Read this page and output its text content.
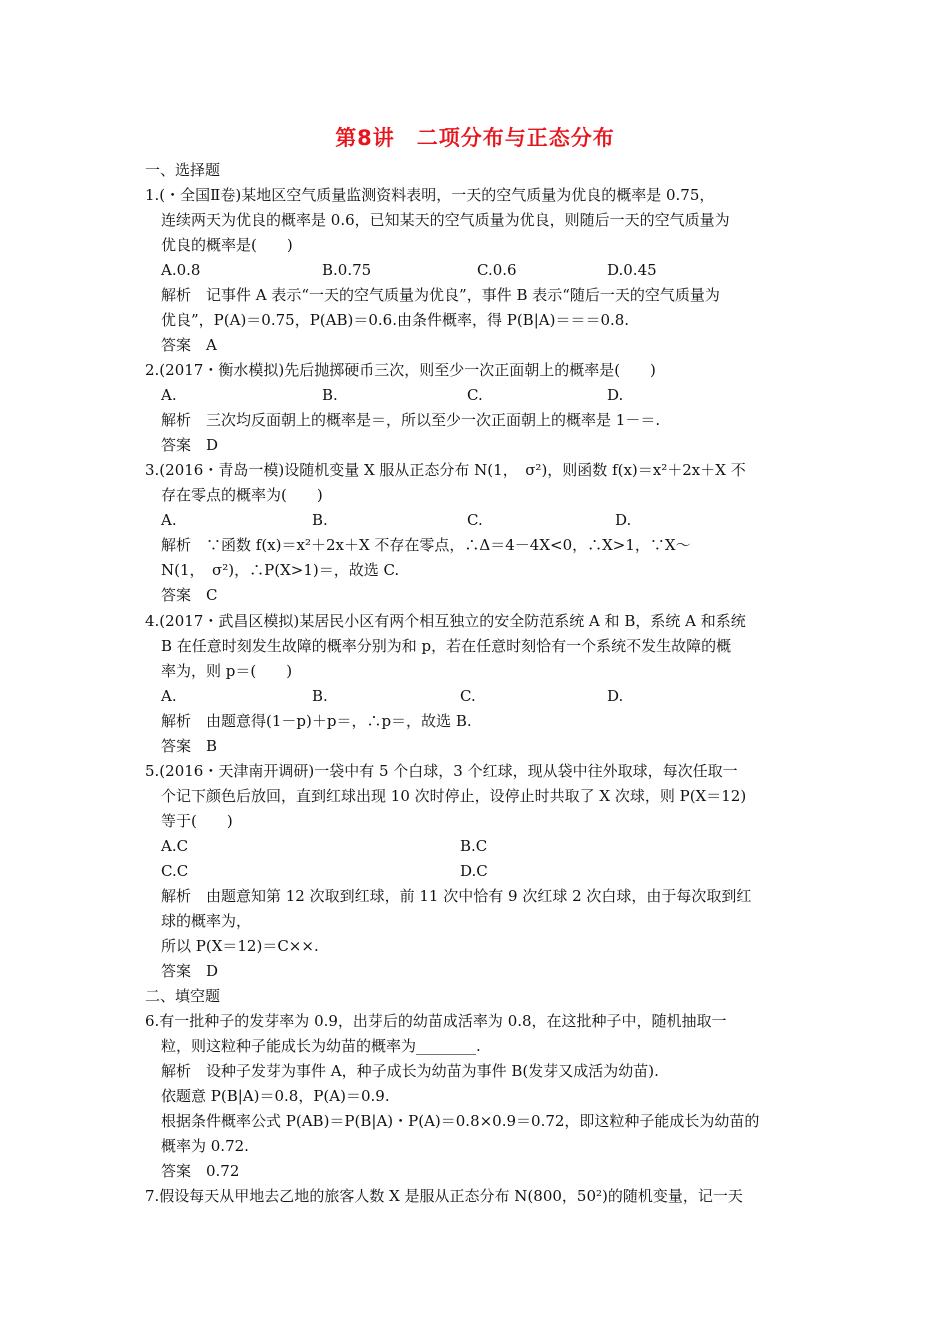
第8讲　二项分布与正态分布
一、选择题
1.(・全国Ⅱ卷)某地区空气质量监测资料表明，一天的空气质量为优良的概率是 0.75，
连续两天为优良的概率是 0.6，已知某天的空气质量为优良，则随后一天的空气质量为
优良的概率是(　　)
A.0.8	B.0.75	C.0.6	D.0.45
解析　记事件 A 表示“一天的空气质量为优良”，事件 B 表示“随后一天的空气质量为
优良”，P(A)＝0.75，P(AB)＝0.6.由条件概率，得 P(B|A)＝＝＝0.8.
答案　A
2.(2017・衡水模拟)先后抛掷硬币三次，则至少一次正面朝上的概率是(　　)
A.	B.	C.	D.
解析　三次均反面朝上的概率是＝，所以至少一次正面朝上的概率是 1－＝.
答案　D
3.(2016・青岛一模)设随机变量 X 服从正态分布 N(1，　σ²)，则函数 f(x)＝x²＋2x＋X 不
存在零点的概率为(　　)
A.	B.	C.	D.
解析　∵函数 f(x)＝x²＋2x＋X 不存在零点，∴Δ＝4－4X<0，∴X>1，∵X～
N(1，　σ²)，∴P(X>1)＝，故选 C.
答案　C
4.(2017・武昌区模拟)某居民小区有两个相互独立的安全防范系统 A 和 B，系统 A 和系统
B 在任意时刻发生故障的概率分别为和 p，若在任意时刻恰有一个系统不发生故障的概
率为，则 p＝(　　)
A.	B.	C.	D.
解析　由题意得(1－p)＋p＝，∴p＝，故选 B.
答案　B
5.(2016・天津南开调研)一袋中有 5 个白球，3 个红球，现从袋中往外取球，每次任取一
个记下颜色后放回，直到红球出现 10 次时停止，设停止时共取了 X 次球，则 P(X＝12)
等于(　　)
A.C	B.C
C.C	D.C
解析　由题意知第 12 次取到红球，前 11 次中恰有 9 次红球 2 次白球，由于每次取到红
球的概率为，
所以 P(X＝12)＝C××.
答案　D
二、填空题
6.有一批种子的发芽率为 0.9，出芽后的幼苗成活率为 0.8，在这批种子中，随机抽取一
粒，则这粒种子能成长为幼苗的概率为________.
解析　设种子发芽为事件 A，种子成长为幼苗为事件 B(发芽又成活为幼苗).
依题意 P(B|A)＝0.8，P(A)＝0.9.
根据条件概率公式 P(AB)＝P(B|A)・P(A)＝0.8×0.9＝0.72，即这粒种子能成长为幼苗的
概率为 0.72.
答案　0.72
7.假设每天从甲地去乙地的旅客人数 X 是服从正态分布 N(800，50²)的随机变量，记一天
